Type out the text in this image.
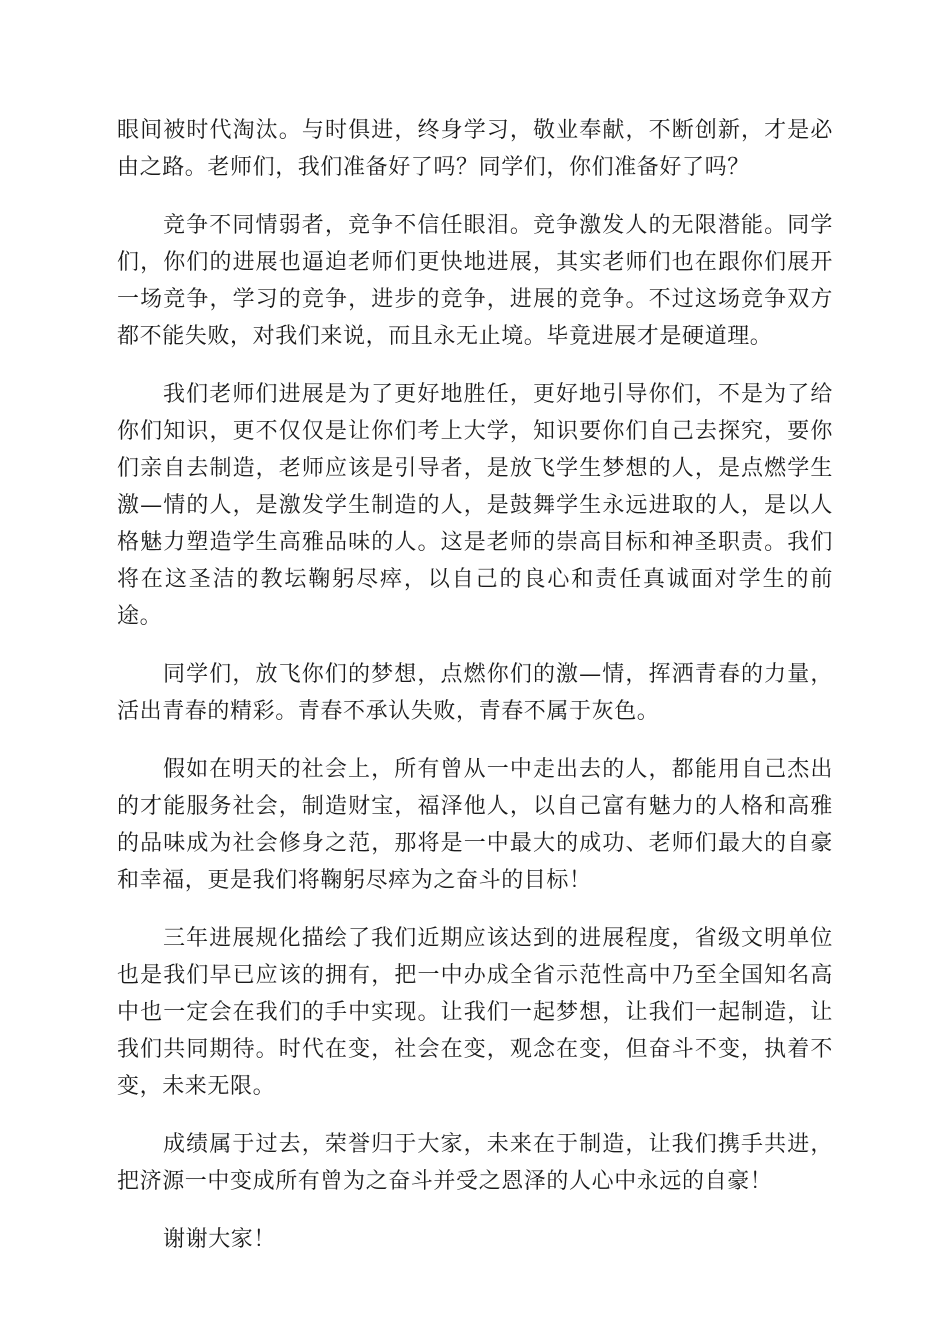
眼间被时代淘汰。与时俱进，终身学习，敬业奉献，不断创新，才是必由之路。老师们，我们准备好了吗？同学们，你们准备好了吗？

竞争不同情弱者，竞争不信任眼泪。竞争激发人的无限潜能。同学们，你们的进展也逼迫老师们更快地进展，其实老师们也在跟你们展开一场竞争，学习的竞争，进步的竞争，进展的竞争。不过这场竞争双方都不能失败，对我们来说，而且永无止境。毕竟进展才是硬道理。

我们老师们进展是为了更好地胜任，更好地引导你们，不是为了给你们知识，更不仅仅是让你们考上大学，知识要你们自己去探究，要你们亲自去制造，老师应该是引导者，是放飞学生梦想的人，是点燃学生激—情的人，是激发学生制造的人，是鼓舞学生永远进取的人，是以人格魅力塑造学生高雅品味的人。这是老师的崇高目标和神圣职责。我们将在这圣洁的教坛鞠躬尽瘁，以自己的良心和责任真诚面对学生的前途。

同学们，放飞你们的梦想，点燃你们的激—情，挥洒青春的力量，活出青春的精彩。青春不承认失败，青春不属于灰色。

假如在明天的社会上，所有曾从一中走出去的人，都能用自己杰出的才能服务社会，制造财宝，福泽他人，以自己富有魅力的人格和高雅的品味成为社会修身之范，那将是一中最大的成功、老师们最大的自豪和幸福，更是我们将鞠躬尽瘁为之奋斗的目标！

三年进展规化描绘了我们近期应该达到的进展程度，省级文明单位也是我们早已应该的拥有，把一中办成全省示范性高中乃至全国知名高中也一定会在我们的手中实现。让我们一起梦想，让我们一起制造，让我们共同期待。时代在变，社会在变，观念在变，但奋斗不变，执着不变，未来无限。

成绩属于过去，荣誉归于大家，未来在于制造，让我们携手共进，把济源一中变成所有曾为之奋斗并受之恩泽的人心中永远的自豪！

谢谢大家！
